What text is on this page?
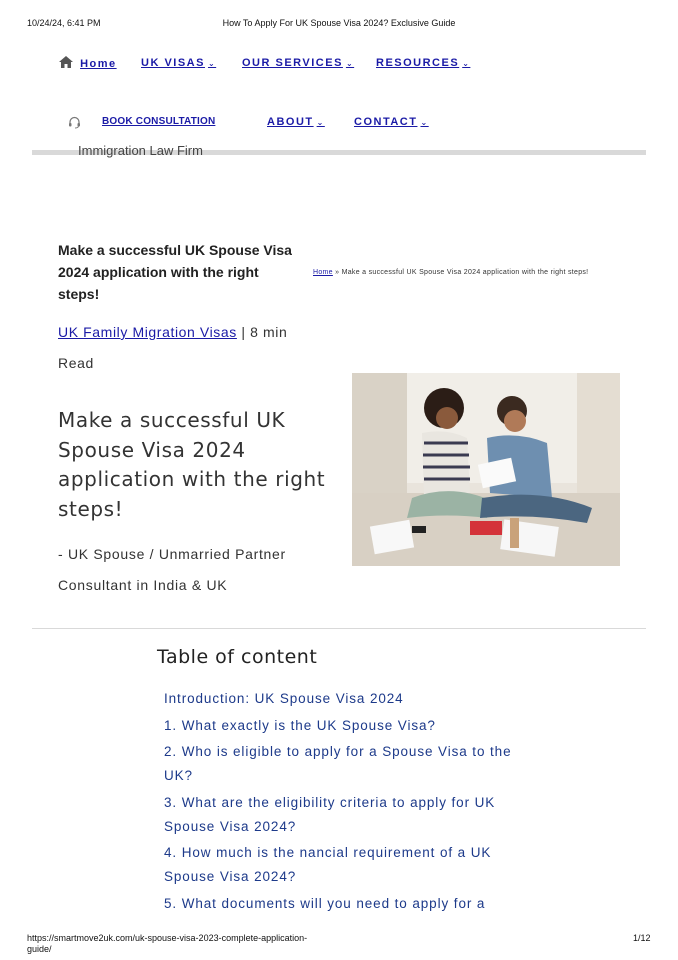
10/24/24, 6:41 PM	How To Apply For UK Spouse Visa 2024? Exclusive Guide
Home UK VISAS ⌄ OUR SERVICES ⌄ RESOURCES ⌄
BOOK CONSULTATION	ABOUT ⌄	CONTACT ⌄
Immigration Law Firm
Make a successful UK Spouse Visa 2024 application with the right steps!
Home » Make a successful UK Spouse Visa 2024 application with the right steps!
UK Family Migration Visas | 8 min Read
Make a successful UK Spouse Visa 2024 application with the right steps!
- UK Spouse / Unmarried Partner Consultant in India & UK
Table of content
Introduction: UK Spouse Visa 2024
1. What exactly is the UK Spouse Visa?
2. Who is eligible to apply for a Spouse Visa to the UK?
3. What are the eligibility criteria to apply for UK Spouse Visa 2024?
4. How much is the nancial requirement of a UK Spouse Visa 2024?
5. What documents will you need to apply for a
https://smartmove2uk.com/uk-spouse-visa-2023-complete-application-guide/
1/12
